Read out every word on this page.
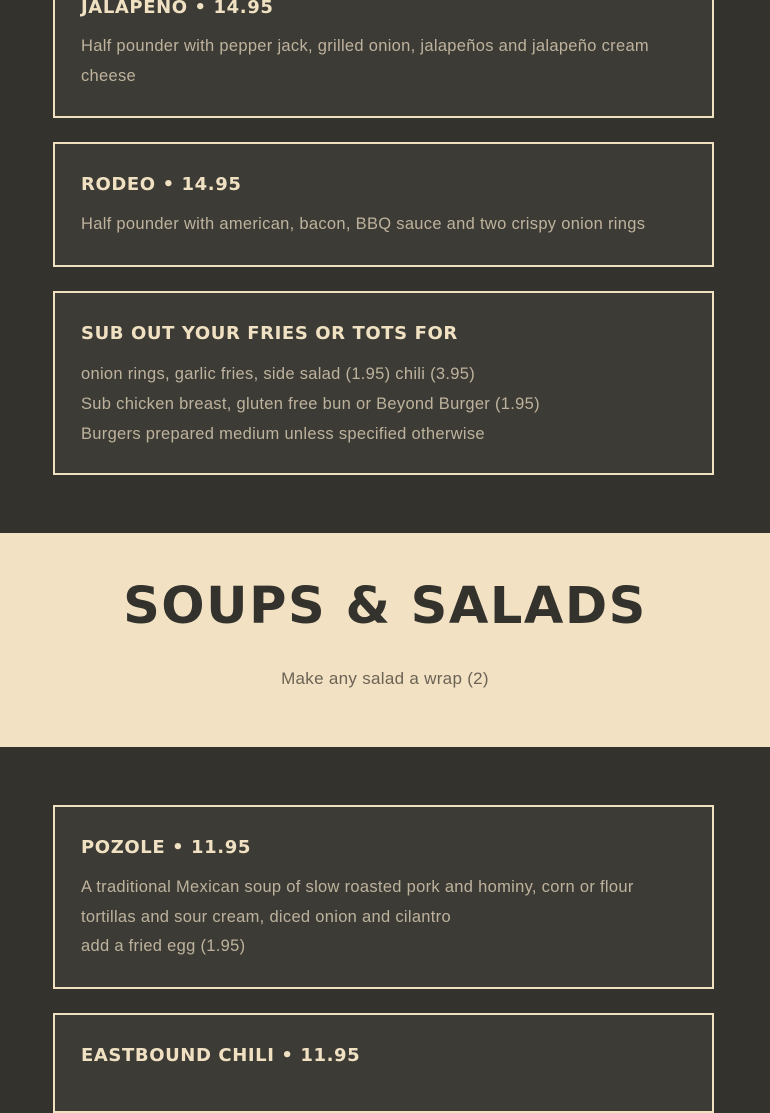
JALAPENO • 14.95

Half pounder with pepper jack, grilled onion, jalapeños and jalapeño cream cheese

RODEO • 14.95

Half pounder with american, bacon, BBQ sauce and two crispy onion rings

SUB OUT YOUR FRIES OR TOTS FOR

onion rings, garlic fries, side salad (1.95) chili (3.95)

Sub chicken breast, gluten free bun or Beyond Burger (1.95)

Burgers prepared medium unless specified otherwise

SOUPS & SALADS
Make any salad a wrap (2)
POZOLE • 11.95

A traditional Mexican soup of slow roasted pork and hominy, corn or flour tortillas and sour cream, diced onion and cilantro

add a fried egg (1.95)

EASTBOUND CHILI • 11.95
